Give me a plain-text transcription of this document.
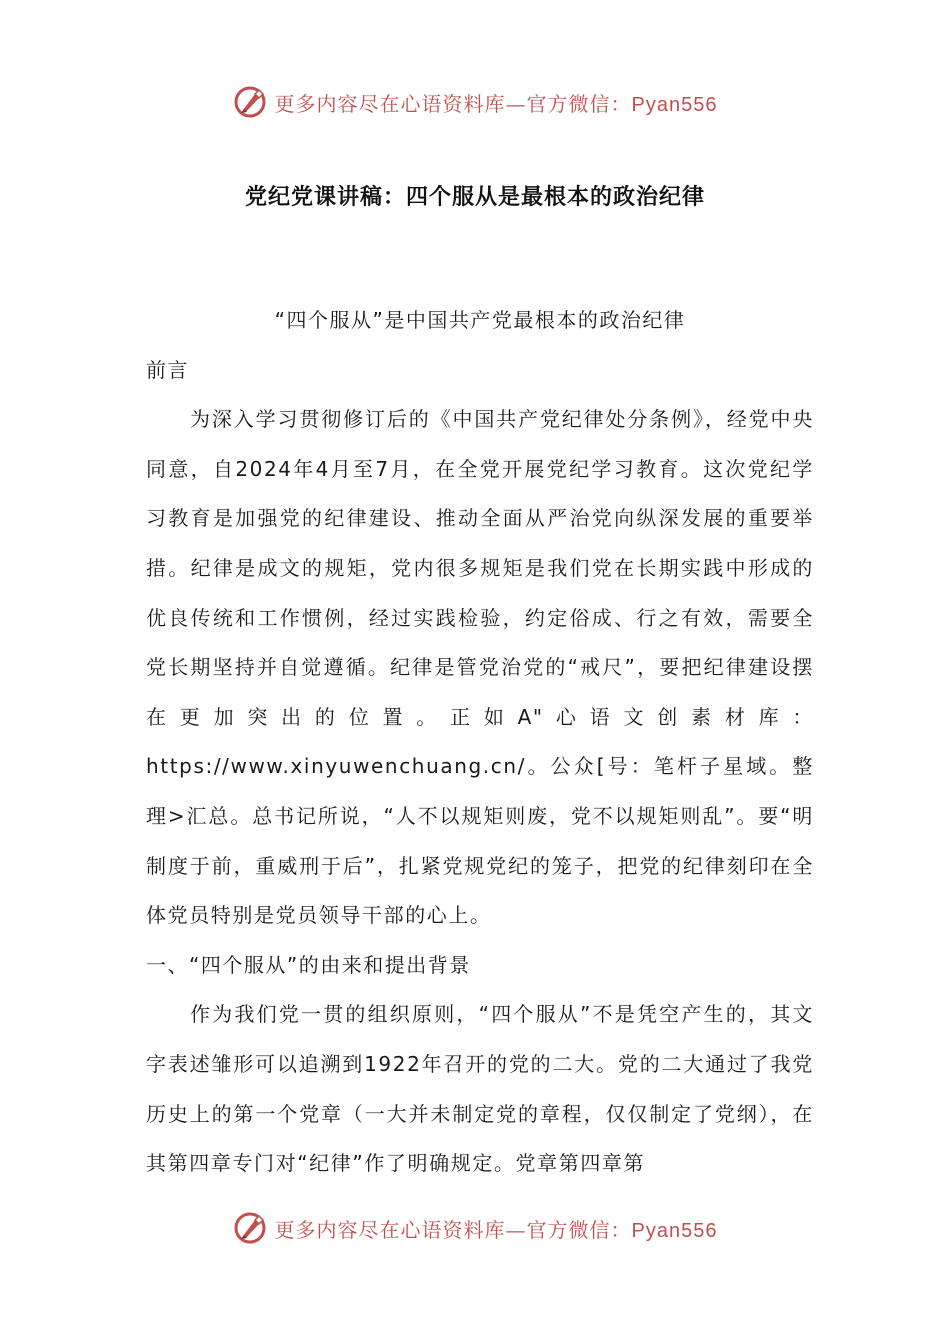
更多内容尽在心语资料库—官方微信：Pyan556
党纪党课讲稿：四个服从是最根本的政治纪律

“四个服从”是中国共产党最根本的政治纪律

前言

为深入学习贯彻修订后的《中国共产党纪律处分条例》，经党中央同意，自2024年4月至7月，在全党开展党纪学习教育。这次党纪学习教育是加强党的纪律建设、推动全面从严治党向纵深发展的重要举措。纪律是成文的规矩，党内很多规矩是我们党在长期实践中形成的优良传统和工作惯例，经过实践检验，约定俗成、行之有效，需要全党长期坚持并自觉遵循。纪律是管党治党的“戒尺”，要把纪律建设摆在更加突出的位置。正如A"心语文创素材库：https://www.xinyuwenchuang.cn/。公众[号：笔杆子星域。整理>汇总。总书记所说，“人不以规矩则废，党不以规矩则乱”。要“明制度于前，重威刑于后”，扎紧党规党纪的笼子，把党的纪律刻印在全体党员特别是党员领导干部的心上。

一、“四个服从”的由来和提出背景

作为我们党一贯的组织原则，“四个服从”不是凭空产生的，其文字表述雏形可以追溯到1922年召开的党的二大。党的二大通过了我党历史上的第一个党章（一大并未制定党的章程，仅仅制定了党纲），在其第四章专门对“纪律”作了明确规定。党章第四章第

更多内容尽在心语资料库—官方微信：Pyan556
